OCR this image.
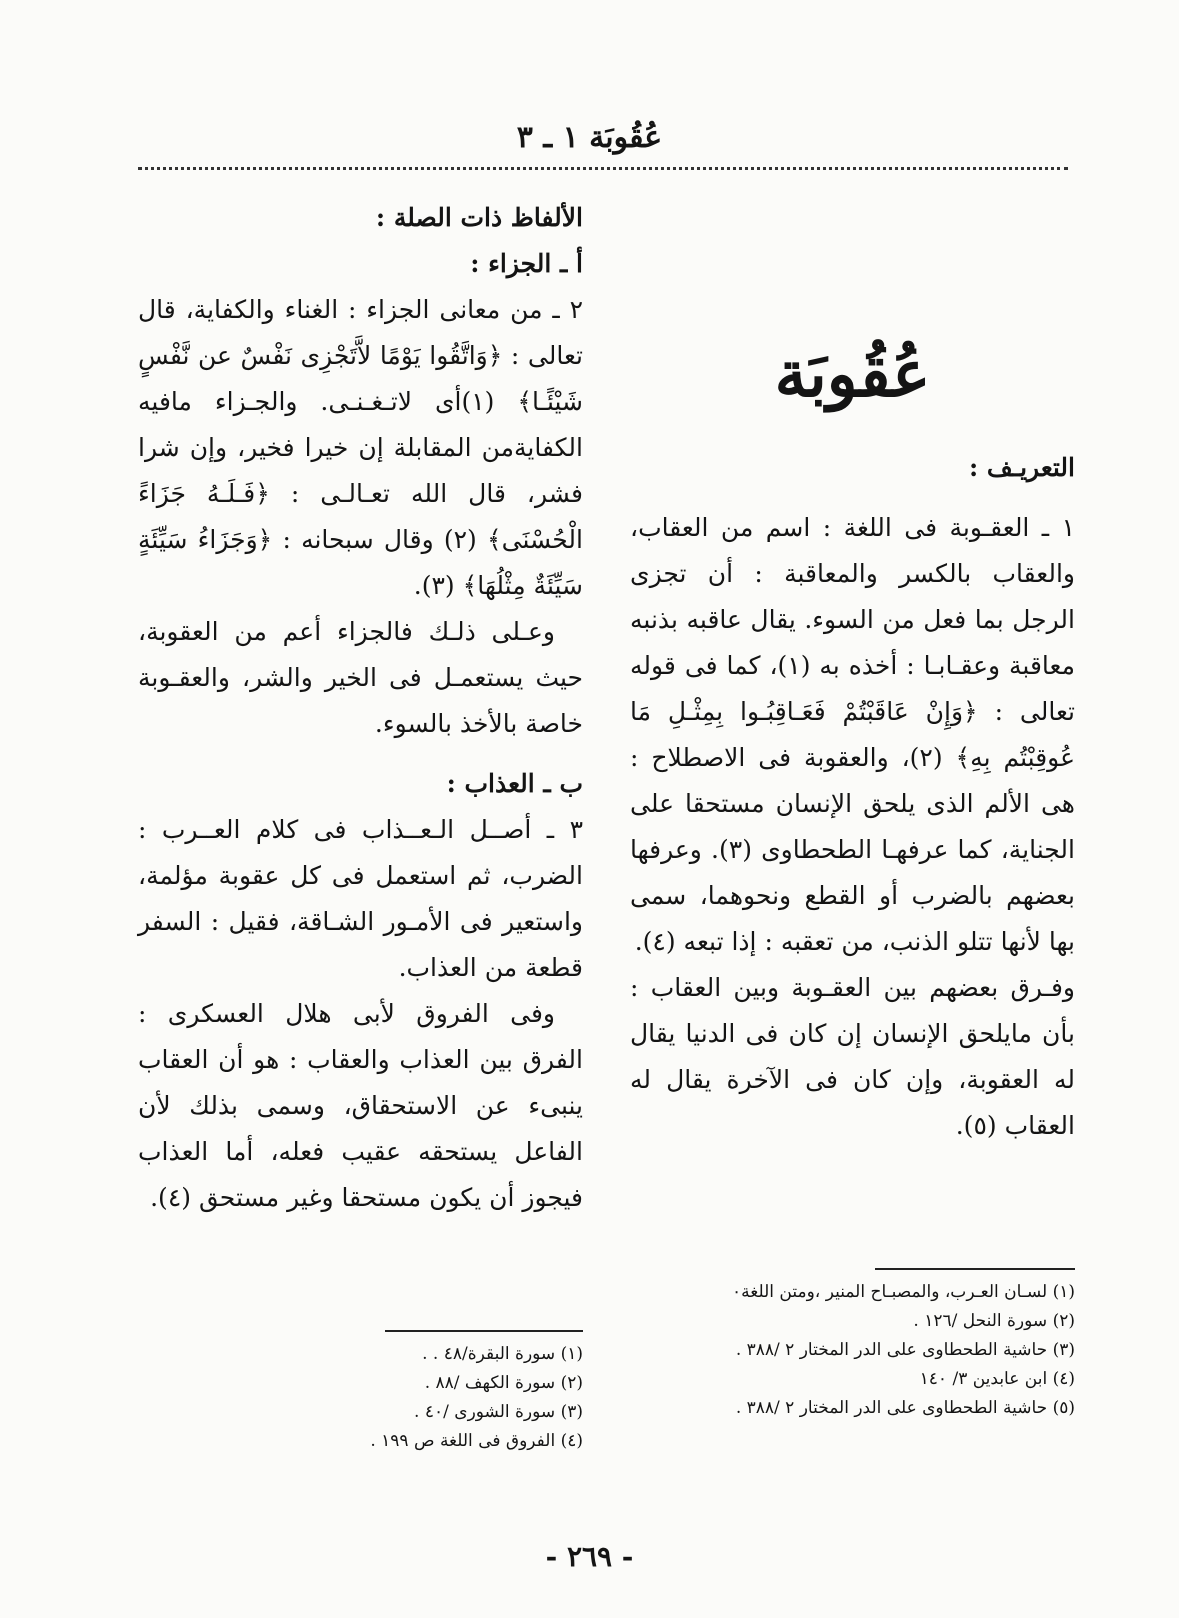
عُقُوبَة ١ ـ ٣
عُقُوبَة

التعريـف :

١ ـ العقـوبة فى اللغة : اسم من العقاب، والعقاب بالكسر والمعاقبة : أن تجزى الرجل بما فعل من السوء. يقال عاقبه بذنبه معاقبة وعقـابـا : أخذه به (١)، كما فى قوله تعالى : ﴿وَإِنْ عَاقَبْتُمْ فَعَـاقِبُـوا بِمِثْـلِ مَا عُوقِبْتُم بِهِ﴾ (٢)، والعقوبة فى الاصطلاح : هى الألم الذى يلحق الإنسان مستحقا على الجناية، كما عرفهـا الطحطاوى (٣). وعرفها بعضهم بالضرب أو القطع ونحوهما، سمى بها لأنها تتلو الذنب، من تعقبه : إذا تبعه (٤).

وفـرق بعضهم بين العقـوبة وبين العقاب : بأن مايلحق الإنسان إن كان فى الدنيا يقال له العقوبة، وإن كان فى الآخرة يقال له العقاب (٥).

الألفاظ ذات الصلة :

أ ـ الجزاء :

٢ ـ من معانى الجزاء : الغناء والكفاية، قال تعالى : ﴿وَاتَّقُوا يَوْمًا لاَّتَجْزِى نَفْسٌ عن نَّفْسٍ شَيْئًـا﴾ (١)أى لاتـغـنـى. والجـزاء مافيه الكفايةمن المقابلة إن خيرا فخير، وإن شرا فشر، قال الله تعـالـى : ﴿فَـلَـهُ جَزَاءً الْحُسْنَى﴾ (٢) وقال سبحانه : ﴿وَجَزَاءُ سَيِّئَةٍ سَيِّئَةٌ مِثْلُهَا﴾ (٣).

وعـلى ذلـك فالجزاء أعم من العقوبة، حيث يستعمـل فى الخير والشر، والعقـوبة خاصة بالأخذ بالسوء.

ب ـ العذاب :

٣ ـ أصــل الـعــذاب فى كلام العــرب : الضرب، ثم استعمل فى كل عقوبة مؤلمة، واستعير فى الأمـور الشـاقة، فقيل : السفر قطعة من العذاب.

وفى الفروق لأبى هلال العسكرى : الفرق بين العذاب والعقاب : هو أن العقاب ينبىء عن الاستحقاق، وسمى بذلك لأن الفاعل يستحقه عقيب فعله، أما العذاب فيجوز أن يكون مستحقا وغير مستحق (٤).

(١) سورة البقرة/٤٨ . .
(٢) سورة الكهف /٨٨ .
(٣) سورة الشورى /٤٠ .
(٤) الفروق فى اللغة ص ١٩٩ .
(١) لسـان العـرب، والمصبـاح المنير ،ومتن اللغة٠
(٢) سورة النحل /١٢٦ .
(٣) حاشية الطحطاوى على الدر المختار ٢ /٣٨٨ .
(٤) ابن عابدين ٣/ ١٤٠
(٥) حاشية الطحطاوى على الدر المختار ٢ /٣٨٨ .
- ٢٦٩ -
